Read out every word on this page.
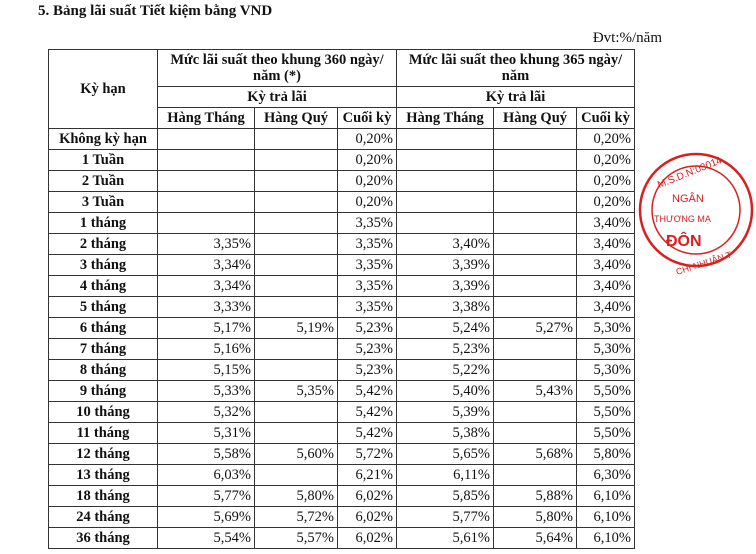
5. Bảng lãi suất Tiết kiệm bằng VND
Đvt:%/năm
Kỳ hạn	Mức lãi suất theo khung 360 ngày/ năm (*)			Mức lãi suất theo khung 365 ngày/ năm		
	Kỳ trả lãi			Kỳ trả lãi		
	Hàng Tháng	Hàng Quý	Cuối kỳ	Hàng Tháng	Hàng Quý	Cuối kỳ
Không kỳ hạn			0,20%			0,20%
1 Tuần			0,20%			0,20%
2 Tuần			0,20%			0,20%
3 Tuần			0,20%			0,20%
1 tháng			3,35%			3,40%
2 tháng	3,35%		3,35%	3,40%		3,40%
3 tháng	3,34%		3,35%	3,39%		3,40%
4 tháng	3,34%		3,35%	3,39%		3,40%
5 tháng	3,33%		3,35%	3,38%		3,40%
6 tháng	5,17%	5,19%	5,23%	5,24%	5,27%	5,30%
7 tháng	5,16%		5,23%	5,23%		5,30%
8 tháng	5,15%		5,23%	5,22%		5,30%
9 tháng	5,33%	5,35%	5,42%	5,40%	5,43%	5,50%
10 tháng	5,32%		5,42%	5,39%		5,50%
11 tháng	5,31%		5,42%	5,38%		5,50%
12 tháng	5,58%	5,60%	5,72%	5,65%	5,68%	5,80%
13 tháng	6,03%		6,21%	6,11%		6,30%
18 tháng	5,77%	5,80%	6,02%	5,85%	5,88%	6,10%
24 tháng	5,69%	5,72%	6,02%	5,77%	5,80%	6,10%
36 tháng	5,54%	5,57%	6,02%	5,61%	5,64%	6,10%
M.S.D.N:03014
NGÂN
THƯƠNG MẠ
ĐÔN
CHI NHUẬN T
